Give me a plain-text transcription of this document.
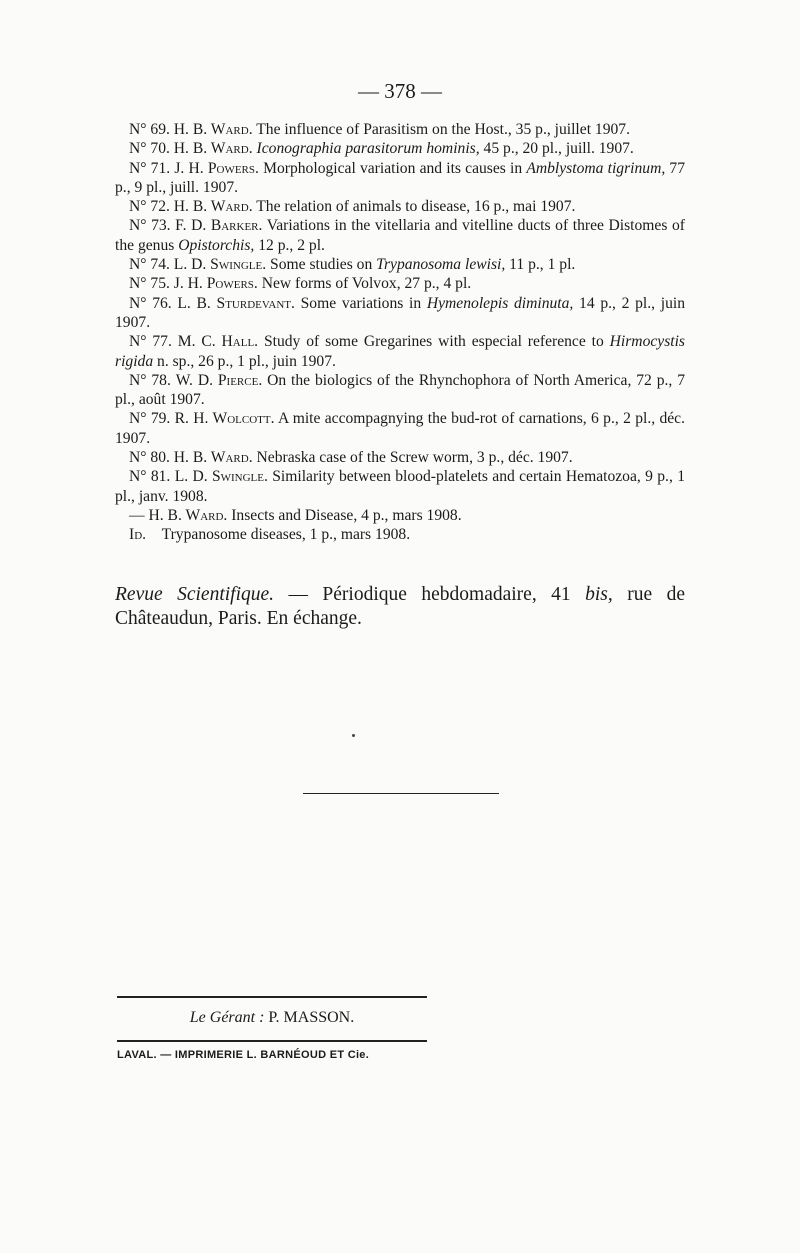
— 378 —

N° 69. H. B. Ward. The influence of Parasitism on the Host., 35 p., juillet 1907.

N° 70. H. B. Ward. Iconographia parasitorum hominis, 45 p., 20 pl., juill. 1907.

N° 71. J. H. Powers. Morphological variation and its causes in Amblystoma tigrinum, 77 p., 9 pl., juill. 1907.

N° 72. H. B. Ward. The relation of animals to disease, 16 p., mai 1907.

N° 73. F. D. Barker. Variations in the vitellaria and vitelline ducts of three Distomes of the genus Opistorchis, 12 p., 2 pl.

N° 74. L. D. Swingle. Some studies on Trypanosoma lewisi, 11 p., 1 pl.

N° 75. J. H. Powers. New forms of Volvox, 27 p., 4 pl.

N° 76. L. B. Sturdevant. Some variations in Hymenolepis diminuta, 14 p., 2 pl., juin 1907.

N° 77. M. C. Hall. Study of some Gregarines with especial reference to Hirmocystis rigida n. sp., 26 p., 1 pl., juin 1907.

N° 78. W. D. Pierce. On the biologics of the Rhynchophora of North America, 72 p., 7 pl., août 1907.

N° 79. R. H. Wolcott. A mite accompagnying the bud-rot of carnations, 6 p., 2 pl., déc. 1907.

N° 80. H. B. Ward. Nebraska case of the Screw worm, 3 p., déc. 1907.

N° 81. L. D. Swingle. Similarity between blood-platelets and certain Hematozoa, 9 p., 1 pl., janv. 1908.

— H. B. Ward. Insects and Disease, 4 p., mars 1908.

Id. Trypanosome diseases, 1 p., mars 1908.

Revue Scientifique. — Périodique hebdomadaire, 41 bis, rue de Châteaudun, Paris. En échange.

Le Gérant : P. MASSON.
LAVAL. — IMPRIMERIE L. BARNÉOUD ET Cie.
